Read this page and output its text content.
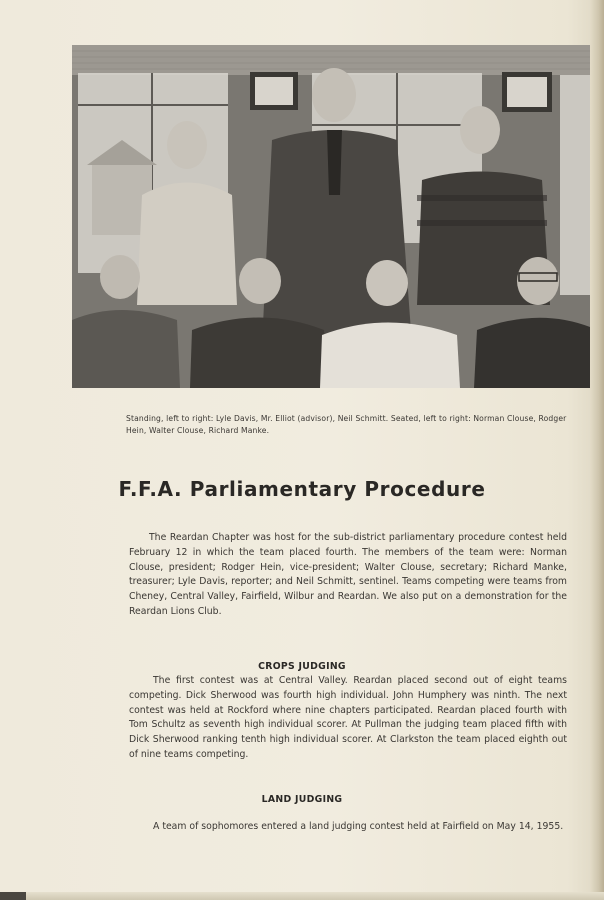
Standing, left to right: Lyle Davis, Mr. Elliot (advisor), Neil Schmitt. Seated, left to right: Norman Clouse, Rodger Hein, Walter Clouse, Richard Manke.

F.F.A. Parliamentary Procedure

The Reardan Chapter was host for the sub-district parliamentary procedure contest held February 12 in which the team placed fourth. The members of the team were: Norman Clouse, president; Rodger Hein, vice-president; Walter Clouse, secretary; Richard Manke, treasurer; Lyle Davis, reporter; and Neil Schmitt, sentinel. Teams competing were teams from Cheney, Central Valley, Fairfield, Wilbur and Reardan. We also put on a demonstration for the Reardan Lions Club.

CROPS JUDGING

The first contest was at Central Valley. Reardan placed second out of eight teams competing. Dick Sherwood was fourth high individual. John Humphery was ninth. The next contest was held at Rockford where nine chapters participated. Reardan placed fourth with Tom Schultz as seventh high individual scorer. At Pullman the judging team placed fifth with Dick Sherwood ranking tenth high individual scorer. At Clarkston the team placed eighth out of nine teams competing.

LAND JUDGING

A team of sophomores entered a land judging contest held at Fairfield on May 14, 1955.
